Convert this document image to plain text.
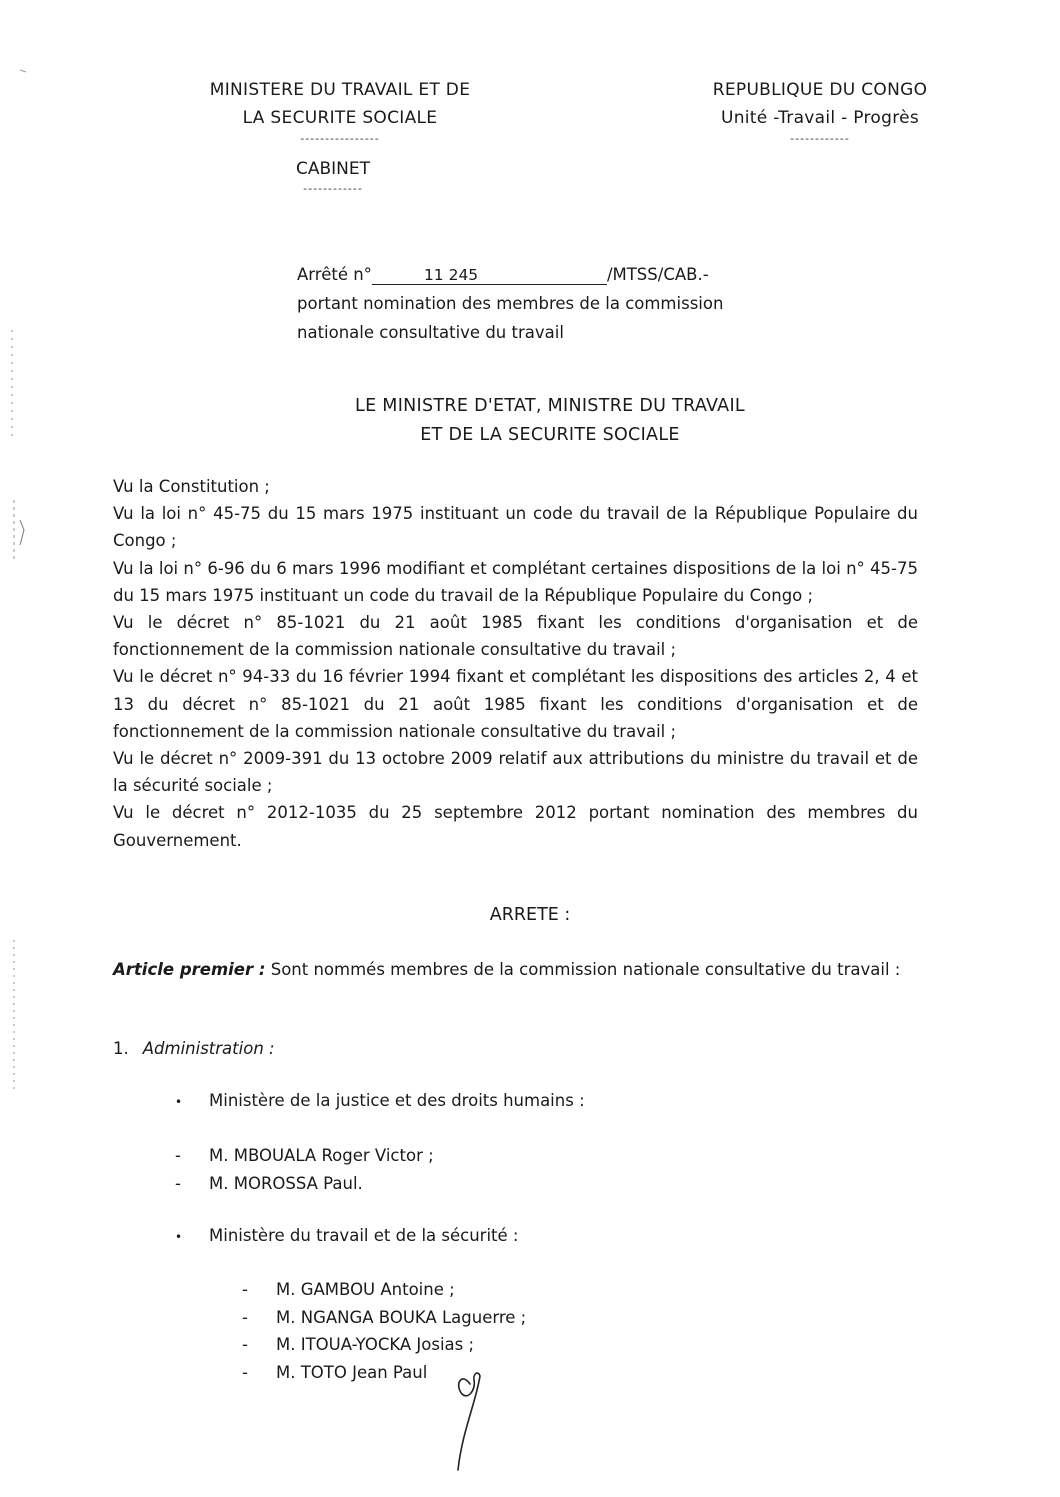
MINISTERE DU TRAVAIL ET DE
LA SECURITE SOCIALE
----------------
CABINET
------------
REPUBLIQUE DU CONGO
Unité -Travail - Progrès
------------
Arrêté n°	11 245	/MTSS/CAB.-
portant nomination des membres de la commission
nationale consultative du travail
LE MINISTRE D'ETAT, MINISTRE DU TRAVAIL
ET DE LA SECURITE SOCIALE

Vu la Constitution ;

Vu la loi n° 45-75 du 15 mars 1975 instituant un code du travail de la République Populaire du Congo ;

Vu la loi n° 6-96 du 6 mars 1996 modifiant et complétant certaines dispositions de la loi n° 45-75 du 15 mars 1975 instituant un code du travail de la République Populaire du Congo ;

Vu le décret n° 85-1021 du 21 août 1985 fixant les conditions d'organisation et de fonctionnement de la commission nationale consultative du travail ;

Vu le décret n° 94-33 du 16 février 1994 fixant et complétant les dispositions des articles 2, 4 et 13 du décret n° 85-1021 du 21 août 1985 fixant les conditions d'organisation et de fonctionnement de la commission nationale consultative du travail ;

Vu le décret n° 2009-391 du 13 octobre 2009 relatif aux attributions du ministre du travail et de la sécurité sociale ;

Vu le décret n° 2012-1035 du 25 septembre 2012 portant nomination des membres du Gouvernement.

ARRETE :
Article premier : Sont nommés membres de la commission nationale consultative du travail :
1. Administration :
• Ministère de la justice et des droits humains :
- M. MBOUALA Roger Victor ;
- M. MOROSSA Paul.
• Ministère du travail et de la sécurité :
- M. GAMBOU Antoine ;
- M. NGANGA BOUKA Laguerre ;
- M. ITOUA-YOCKA Josias ;
- M. TOTO Jean Paul
